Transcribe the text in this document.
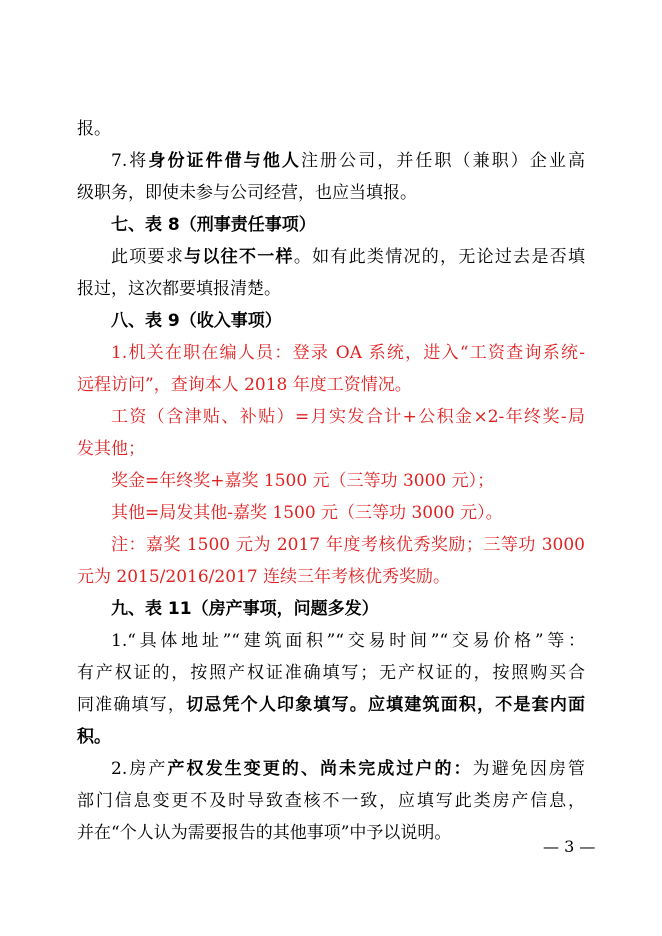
报。
7.将身份证件借与他人注册公司，并任职（兼职）企业高
级职务，即使未参与公司经营，也应当填报。
七、表 8（刑事责任事项）
此项要求与以往不一样。如有此类情况的，无论过去是否填
报过，这次都要填报清楚。
八、表 9（收入事项）
1.机关在职在编人员：登录 OA 系统，进入“工资查询系统-
远程访问”，查询本人 2018 年度工资情况。
工资（含津贴、补贴）=月实发合计+公积金×2-年终奖-局
发其他；
奖金=年终奖+嘉奖 1500 元（三等功 3000 元）；
其他=局发其他-嘉奖 1500 元（三等功 3000 元）。
注：嘉奖 1500 元为 2017 年度考核优秀奖励；三等功 3000
元为 2015/2016/2017 连续三年考核优秀奖励。
九、表 11（房产事项，问题多发）
1.“具体地址”“建筑面积”“交易时间”“交易价格”等：
有产权证的，按照产权证准确填写；无产权证的，按照购买合
同准确填写，切忌凭个人印象填写。应填建筑面积，不是套内面
积。
2.房产产权发生变更的、尚未完成过户的：为避免因房管
部门信息变更不及时导致查核不一致，应填写此类房产信息，
并在“个人认为需要报告的其他事项”中予以说明。
— 3 —
